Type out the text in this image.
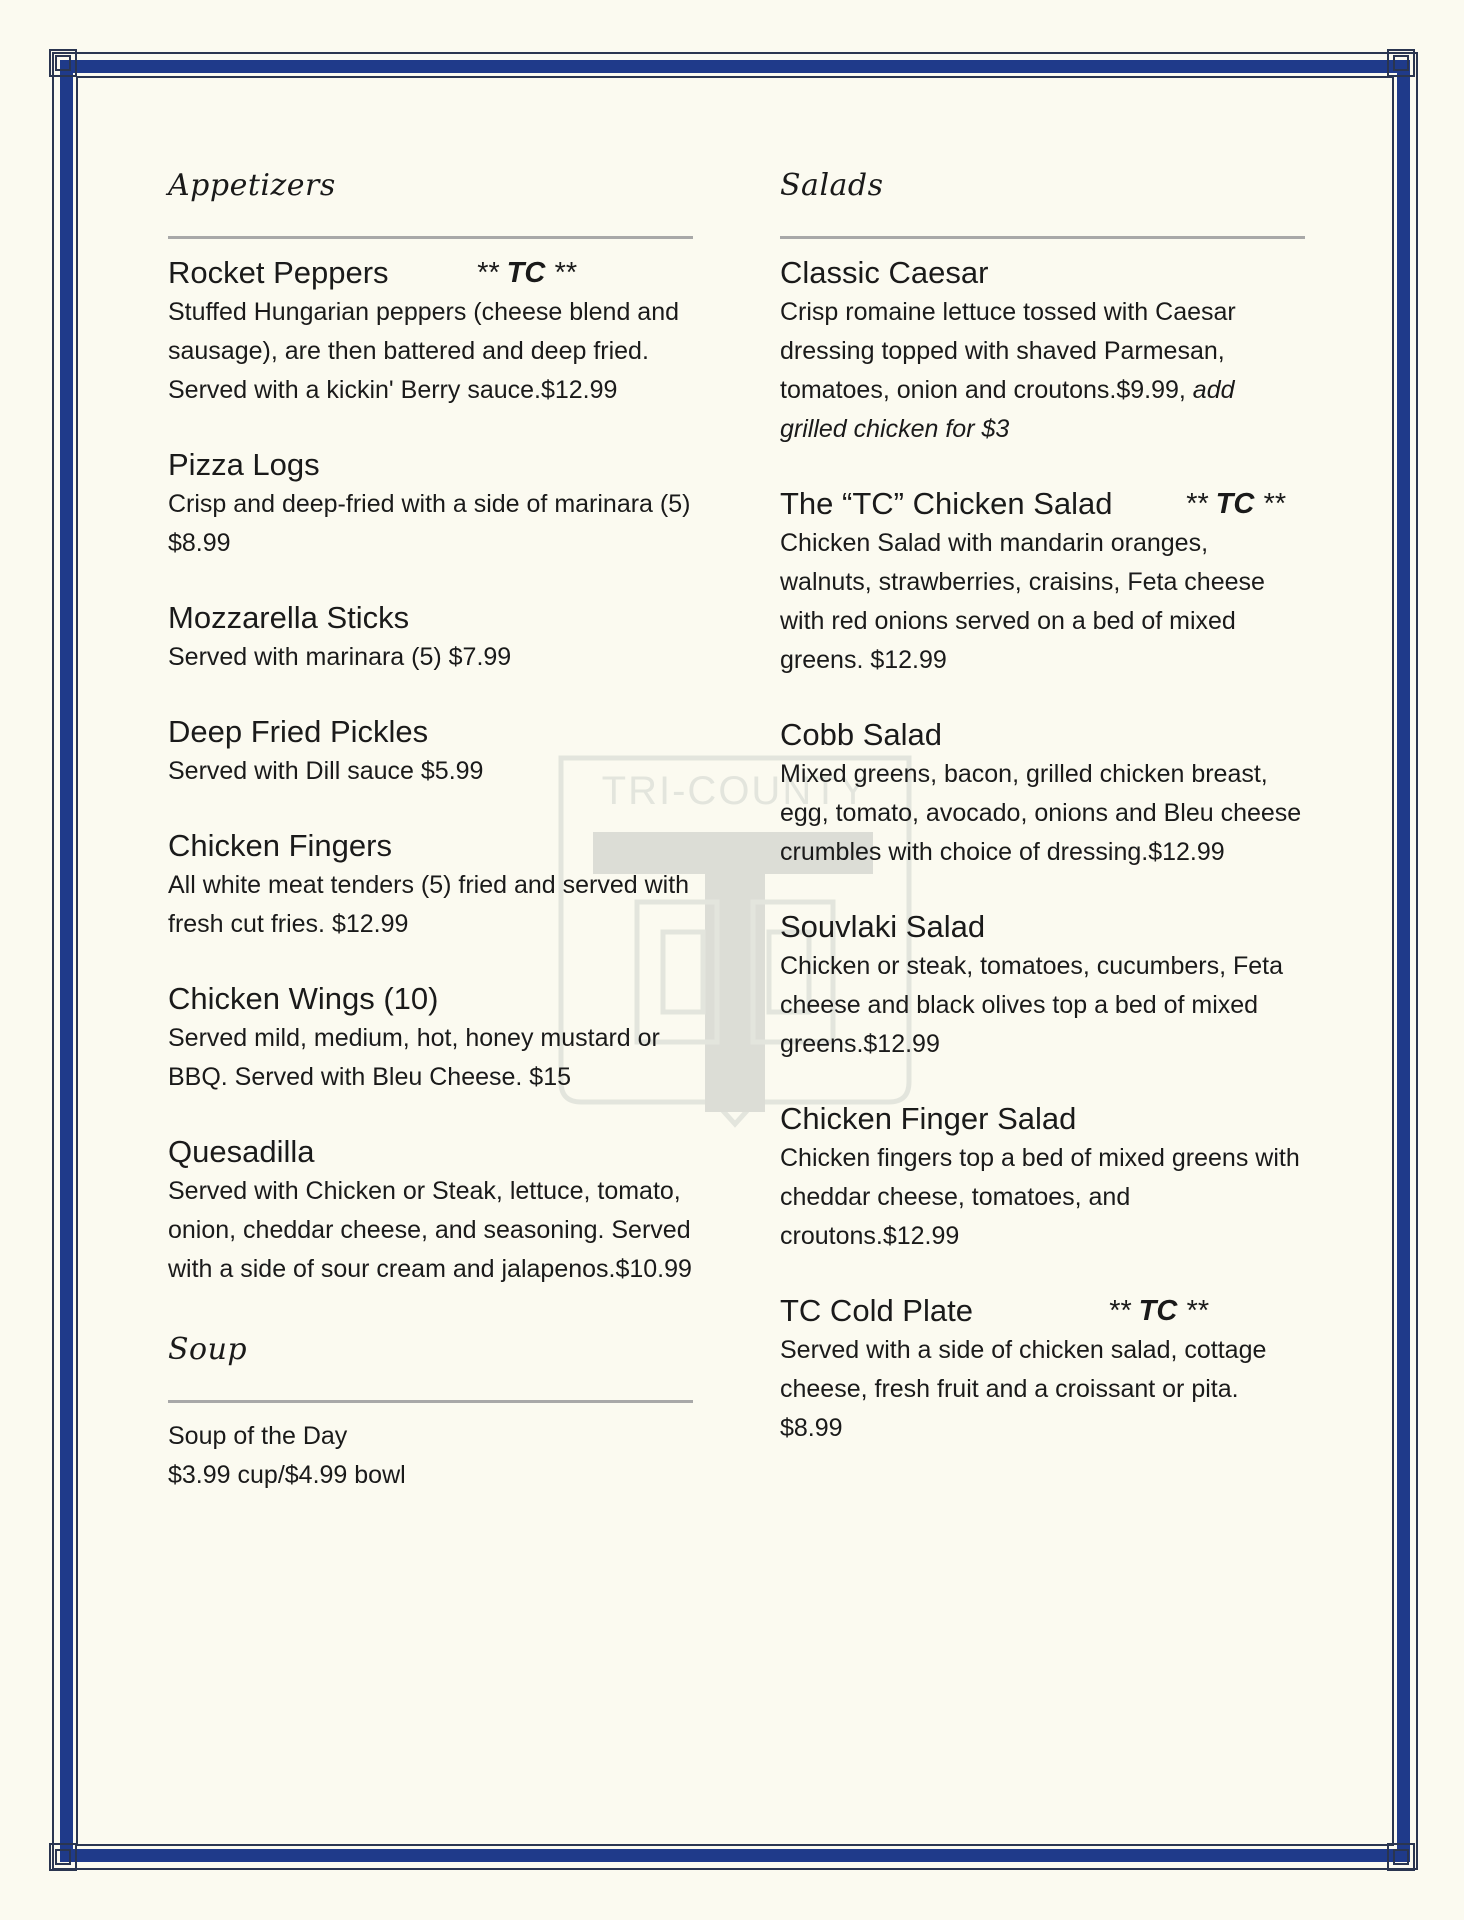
TRI-COUNTY
Appetizers
Rocket Peppers	** TC **
Stuffed Hungarian peppers (cheese blend and sausage), are then battered and deep fried. Served with a kickin' Berry sauce.$12.99
Pizza Logs
Crisp and deep-fried with a side of marinara (5) $8.99
Mozzarella Sticks
Served with marinara (5) $7.99
Deep Fried Pickles
Served with Dill sauce $5.99
Chicken Fingers
All white meat tenders (5) fried and served with fresh cut fries. $12.99
Chicken Wings (10)
Served mild, medium, hot, honey mustard or BBQ. Served with Bleu Cheese. $15
Quesadilla
Served with Chicken or Steak, lettuce, tomato, onion, cheddar cheese, and seasoning. Served with a side of sour cream and jalapenos.$10.99
Soup
Soup of the Day
$3.99 cup/$4.99 bowl
Salads
Classic Caesar
Crisp romaine lettuce tossed with Caesar dressing topped with shaved Parmesan, tomatoes, onion and croutons.$9.99, add grilled chicken for $3
The “TC” Chicken Salad ** TC **
Chicken Salad with mandarin oranges, walnuts, strawberries, craisins, Feta cheese with red onions served on a bed of mixed greens. $12.99
Cobb Salad
Mixed greens, bacon, grilled chicken breast, egg, tomato, avocado, onions and Bleu cheese crumbles with choice of dressing.$12.99
Souvlaki Salad
Chicken or steak, tomatoes, cucumbers, Feta cheese and black olives top a bed of mixed greens.$12.99
Chicken Finger Salad
Chicken fingers top a bed of mixed greens with cheddar cheese, tomatoes, and croutons.$12.99
TC Cold Plate	** TC **
Served with a side of chicken salad, cottage cheese, fresh fruit and a croissant or pita. $8.99
